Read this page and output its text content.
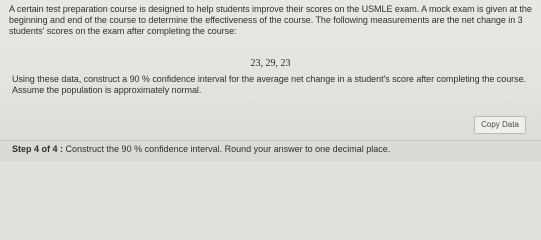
A certain test preparation course is designed to help students improve their scores on the USMLE exam. A mock exam is given at the beginning and end of the course to determine the effectiveness of the course. The following measurements are the net change in 3 students' scores on the exam after completing the course:

23, 29, 23

Using these data, construct a 90 % confidence interval for the average net change in a student's score after completing the course. Assume the population is approximately normal.

Copy Data

Step 4 of 4 : Construct the 90 % confidence interval. Round your answer to one decimal place.
